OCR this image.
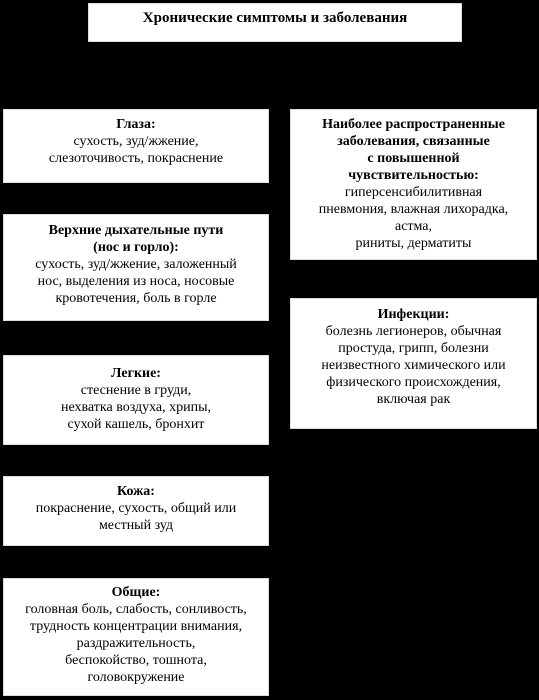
Хронические симптомы и заболевания
Глаза:
сухость, зуд/жжение,
слезоточивость, покраснение
Верхние дыхательные пути
(нос и горло):
сухость, зуд/жжение, заложенный
нос, выделения из носа, носовые
кровотечения, боль в горле
Легкие:
стеснение в груди,
нехватка воздуха, хрипы,
сухой кашель, бронхит
Кожа:
покраснение, сухость, общий или
местный зуд
Общие:
головная боль, слабость, сонливость,
трудность концентрации внимания,
раздражительность,
беспокойство, тошнота,
головокружение
Наиболее распространенные
заболевания, связанные
с повышенной
чувствительностью:
гиперсенсибилитивная
пневмония, влажная лихорадка,
астма,
риниты, дерматиты
Инфекции:
болезнь легионеров, обычная
простуда, грипп, болезни
неизвестного химического или
физического происхождения,
включая рак
